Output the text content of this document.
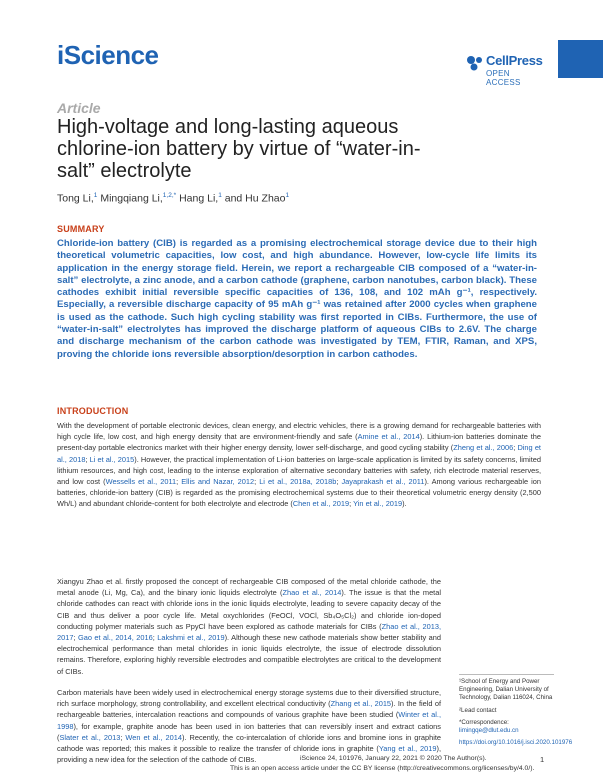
iScience	CellPress
OPEN ACCESS
Article
High-voltage and long-lasting aqueous chlorine-ion battery by virtue of “water-in-salt” electrolyte
Tong Li,$^1$ Mingqiang Li,$^{1,2,*}$ Hang Li,$^1$ and Hu Zhao$^1$
SUMMARY
Chloride-ion battery (CIB) is regarded as a promising electrochemical storage device due to their high theoretical volumetric capacities, low cost, and high abundance. However, low-cycle life limits its application in the energy storage field. Herein, we report a rechargeable CIB composed of a “water-in-salt” electrolyte, a zinc anode, and a carbon cathode (graphene, carbon nanotubes, carbon black). These cathodes exhibit initial reversible specific capacities of 136, 108, and 102 mAh g⁻¹, respectively. Especially, a reversible discharge capacity of 95 mAh g⁻¹ was retained after 2000 cycles when graphene is used as the cathode. Such high cycling stability was first reported in CIBs. Furthermore, the use of “water-in-salt” electrolytes has improved the discharge platform of aqueous CIBs to 2.6V. The charge and discharge mechanism of the carbon cathode was investigated by TEM, FTIR, Raman, and XPS, proving the chloride ions reversible absorption/desorption in carbon cathodes.
INTRODUCTION

With the development of portable electronic devices, clean energy, and electric vehicles, there is a growing demand for rechargeable batteries with high cycle life, low cost, and high energy density that are environment-friendly and safe (Amine et al., 2014). Lithium-ion batteries dominate the present-day portable electronics market with their higher energy density, lower self-discharge, and good cycling stability (Zheng et al., 2006; Ding et al., 2018; Li et al., 2015). However, the practical implementation of Li-ion batteries on large-scale application is limited by its safety concerns, limited lithium resources, and high cost, leading to the intense exploration of alternative secondary batteries with safety, rich electrode material reserves, and low cost (Wessells et al., 2011; Ellis and Nazar, 2012; Li et al., 2018a, 2018b; Jayaprakash et al., 2011). Among various rechargeable ion batteries, chloride-ion battery (CIB) is regarded as the promising electrochemical systems due to their theoretical volumetric energy density (2,500 Wh/L) and abundant chloride-content for both electrolyte and electrode (Chen et al., 2019; Yin et al., 2019).

Xiangyu Zhao et al. firstly proposed the concept of rechargeable CIB composed of the metal chloride cathode, the metal anode (Li, Mg, Ca), and the binary ionic liquids electrolyte (Zhao et al., 2014). The issue is that the metal chloride cathodes can react with chloride ions in the ionic liquids electrolyte, leading to severe capacity decay of the CIB and thus deliver a poor cycle life. Metal oxychlorides (FeOCl, VOCl, Sb₄O₅Cl₂) and chloride ion-doped conducting polymer materials such as PpyCl have been explored as cathode materials for CIBs (Zhao et al., 2013, 2017; Gao et al., 2014, 2016; Lakshmi et al., 2019). Although these new cathode materials show better stability and electrochemical performance than metal chlorides in ionic liquids electrolyte, the issue of electrode dissolution remains. Therefore, exploring highly reversible electrodes and compatible electrolytes are critical to the development of CIBs.

Carbon materials have been widely used in electrochemical energy storage systems due to their diversified structure, rich surface morphology, strong controllability, and excellent electrical conductivity (Zhang et al., 2015). In the field of rechargeable batteries, intercalation reactions and compounds of various graphite have been studied (Winter et al., 1998), for example, graphite anode has been used in ion batteries that can reversibly insert and extract cations (Slater et al., 2013; Wen et al., 2014). Recently, the co-intercalation of chloride ions and bromine ions in graphite cathode was reported; this makes it possible to realize the transfer of chloride ions in graphite (Yang et al., 2019), providing a new idea for the selection of the cathode of CIBs.

¹School of Energy and Power Engineering, Dalian University of Technology, Dalian 116024, China
²Lead contact
*Correspondence:
limingqe@dlut.edu.cn
https://doi.org/10.1016/j.isci.2020.101976
iScience 24, 101976, January 22, 2021 © 2020 The Author(s).
This is an open access article under the CC BY license (http://creativecommons.org/licenses/by/4.0/).
1
